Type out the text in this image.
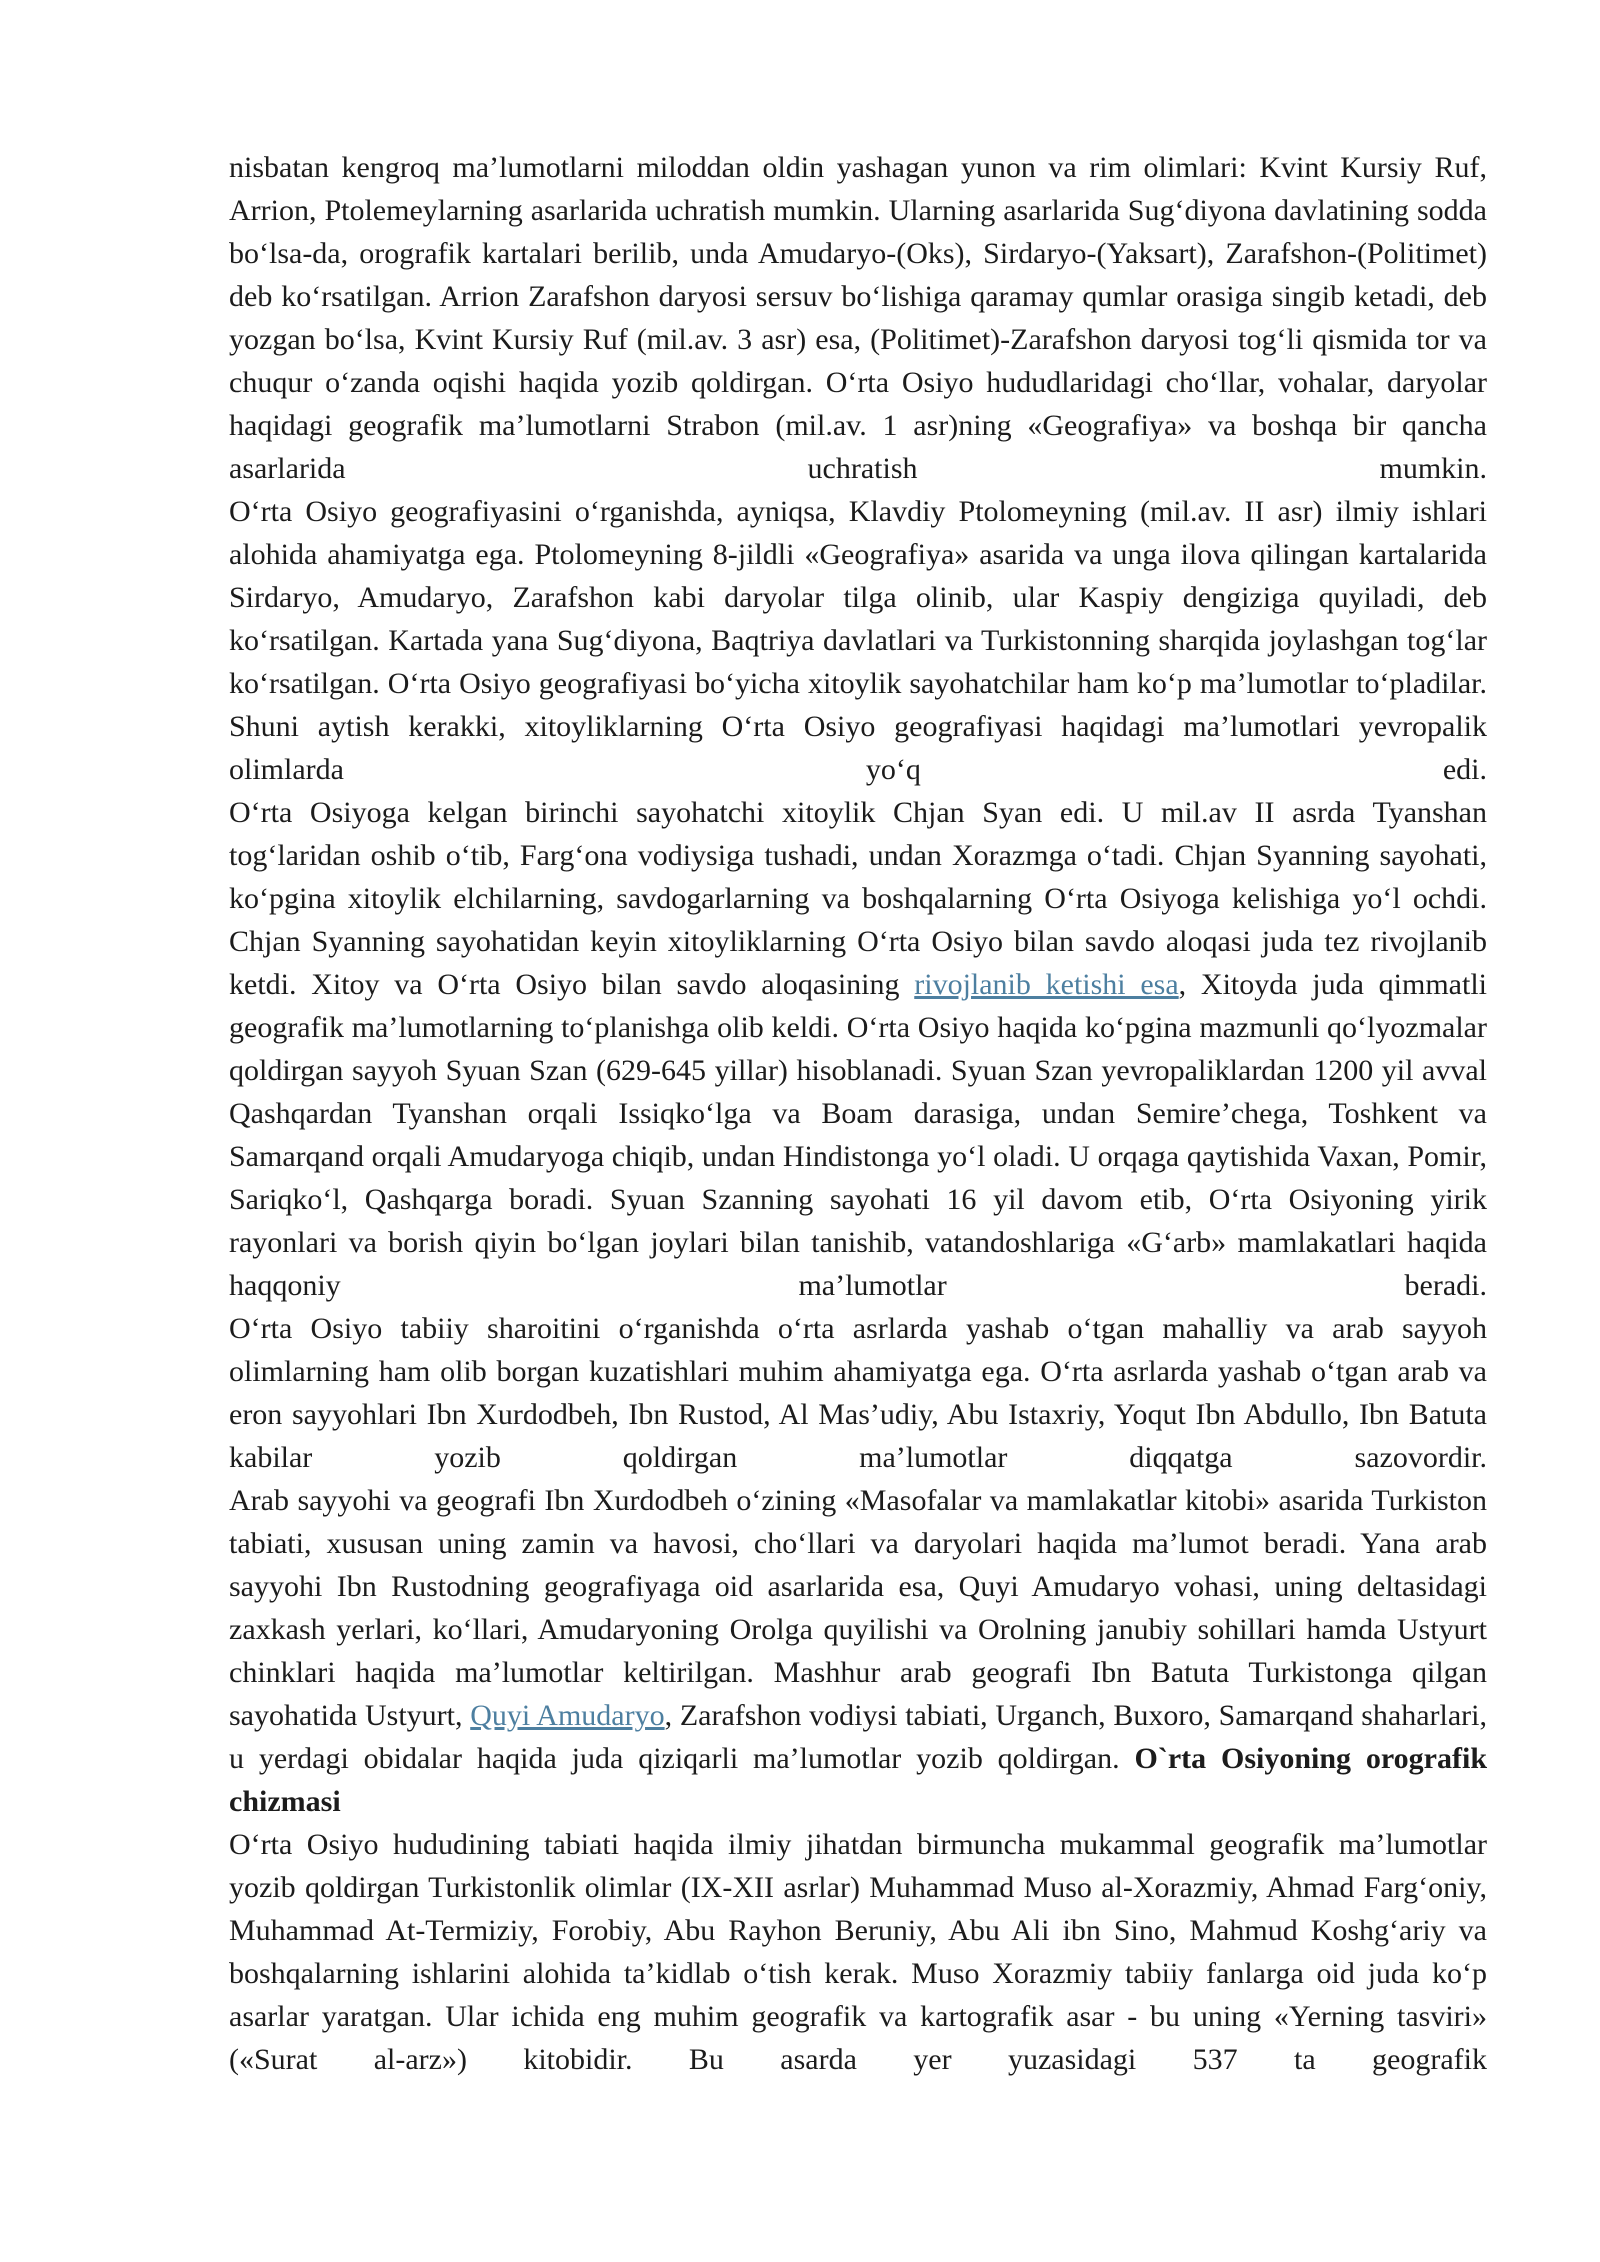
nisbatan kengroq ma’lumotlarni miloddan oldin yashagan yunon va rim olimlari: Kvint Kursiy Ruf, Arrion, Ptolemeylarning asarlarida uchratish mumkin. Ularning asarlarida Sug‘diyona davlatining sodda bo‘lsa-da, orografik kartalari berilib, unda Amudaryo-(Oks), Sirdaryo-(Yaksart), Zarafshon-(Politimet) deb ko‘rsatilgan. Arrion Zarafshon daryosi sersuv bo‘lishiga qaramay qumlar orasiga singib ketadi, deb yozgan bo‘lsa, Kvint Kursiy Ruf (mil.av. 3 asr) esa, (Politimet)-Zarafshon daryosi tog‘li qismida tor va chuqur o‘zanda oqishi haqida yozib qoldirgan. O‘rta Osiyo hududlaridagi cho‘llar, vohalar, daryolar haqidagi geografik ma’lumotlarni Strabon (mil.av. 1 asr)ning «Geografiya» va boshqa bir qancha asarlarida uchratish mumkin.

O‘rta Osiyo geografiyasini o‘rganishda, ayniqsa, Klavdiy Ptolomeyning (mil.av. II asr) ilmiy ishlari alohida ahamiyatga ega. Ptolomeyning 8-jildli «Geografiya» asarida va unga ilova qilingan kartalarida Sirdaryo, Amudaryo, Zarafshon kabi daryolar tilga olinib, ular Kaspiy dengiziga quyiladi, deb ko‘rsatilgan. Kartada yana Sug‘diyona, Baqtriya davlatlari va Turkistonning sharqida joylashgan tog‘lar ko‘rsatilgan. O‘rta Osiyo geografiyasi bo‘yicha xitoylik sayohatchilar ham ko‘p ma’lumotlar to‘pladilar. Shuni aytish kerakki, xitoyliklarning O‘rta Osiyo geografiyasi haqidagi ma’lumotlari yevropalik olimlarda yo‘q edi.

O‘rta Osiyoga kelgan birinchi sayohatchi xitoylik Chjan Syan edi. U mil.av II asrda Tyanshan tog‘laridan oshib o‘tib, Farg‘ona vodiysiga tushadi, undan Xorazmga o‘tadi. Chjan Syanning sayohati, ko‘pgina xitoylik elchilarning, savdogarlarning va boshqalarning O‘rta Osiyoga kelishiga yo‘l ochdi. Chjan Syanning sayohatidan keyin xitoyliklarning O‘rta Osiyo bilan savdo aloqasi juda tez rivojlanib ketdi. Xitoy va O‘rta Osiyo bilan savdo aloqasining rivojlanib ketishi esa, Xitoyda juda qimmatli geografik ma’lumotlarning to‘planishga olib keldi. O‘rta Osiyo haqida ko‘pgina mazmunli qo‘lyozmalar qoldirgan sayyoh Syuan Szan (629-645 yillar) hisoblanadi. Syuan Szan yevropaliklardan 1200 yil avval Qashqardan Tyanshan orqali Issiqko‘lga va Boam darasiga, undan Semire’chega, Toshkent va Samarqand orqali Amudaryoga chiqib, undan Hindistonga yo‘l oladi. U orqaga qaytishida Vaxan, Pomir, Sariqko‘l, Qashqarga boradi. Syuan Szanning sayohati 16 yil davom etib, O‘rta Osiyoning yirik rayonlari va borish qiyin bo‘lgan joylari bilan tanishib, vatandoshlariga «G‘arb» mamlakatlari haqida haqqoniy ma’lumotlar beradi.

O‘rta Osiyo tabiiy sharoitini o‘rganishda o‘rta asrlarda yashab o‘tgan mahalliy va arab sayyoh olimlarning ham olib borgan kuzatishlari muhim ahamiyatga ega. O‘rta asrlarda yashab o‘tgan arab va eron sayyohlari Ibn Xurdodbeh, Ibn Rustod, Al Mas’udiy, Abu Istaxriy, Yoqut Ibn Abdullo, Ibn Batuta kabilar yozib qoldirgan ma’lumotlar diqqatga sazovordir.

Arab sayyohi va geografi Ibn Xurdodbeh o‘zining «Masofalar va mamlakatlar kitobi» asarida Turkiston tabiati, xususan uning zamin va havosi, cho‘llari va daryolari haqida ma’lumot beradi. Yana arab sayyohi Ibn Rustodning geografiyaga oid asarlarida esa, Quyi Amudaryo vohasi, uning deltasidagi zaxkash yerlari, ko‘llari, Amudaryoning Orolga quyilishi va Orolning janubiy sohillari hamda Ustyurt chinklari haqida ma’lumotlar keltirilgan. Mashhur arab geografi Ibn Batuta Turkistonga qilgan sayohatida Ustyurt, Quyi Amudaryo, Zarafshon vodiysi tabiati, Urganch, Buxoro, Samarqand shaharlari, u yerdagi obidalar haqida juda qiziqarli ma’lumotlar yozib qoldirgan. O`rta Osiyoning orografik chizmasi

O‘rta Osiyo hududining tabiati haqida ilmiy jihatdan birmuncha mukammal geografik ma’lumotlar yozib qoldirgan Turkistonlik olimlar (IX-XII asrlar) Muhammad Muso al-Xorazmiy, Ahmad Farg‘oniy, Muhammad At-Termiziy, Forobiy, Abu Rayhon Beruniy, Abu Ali ibn Sino, Mahmud Koshg‘ariy va boshqalarning ishlarini alohida ta’kidlab o‘tish kerak. Muso Xorazmiy tabiiy fanlarga oid juda ko‘p asarlar yaratgan. Ular ichida eng muhim geografik va kartografik asar - bu uning «Yerning tasviri» («Surat al-arz») kitobidir. Bu asarda yer yuzasidagi 537 ta geografik
